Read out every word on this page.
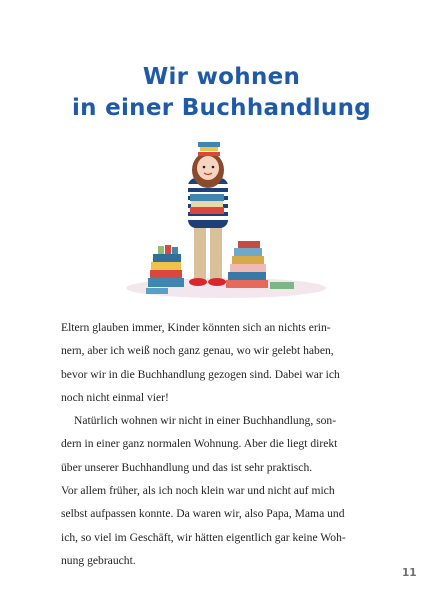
Wir wohnen
in einer Buchhandlung

Eltern glauben immer, Kinder könnten sich an nichts erin-
nern, aber ich weiß noch ganz genau, wo wir gelebt haben,
bevor wir in die Buchhandlung gezogen sind. Dabei war ich
noch nicht einmal vier!

Natürlich wohnen wir nicht in einer Buchhandlung, son-
dern in einer ganz normalen Wohnung. Aber die liegt direkt
über unserer Buchhandlung und das ist sehr praktisch.
Vor allem früher, als ich noch klein war und nicht auf mich
selbst aufpassen konnte. Da waren wir, also Papa, Mama und
ich, so viel im Geschäft, wir hätten eigentlich gar keine Woh-
nung gebraucht.

11
